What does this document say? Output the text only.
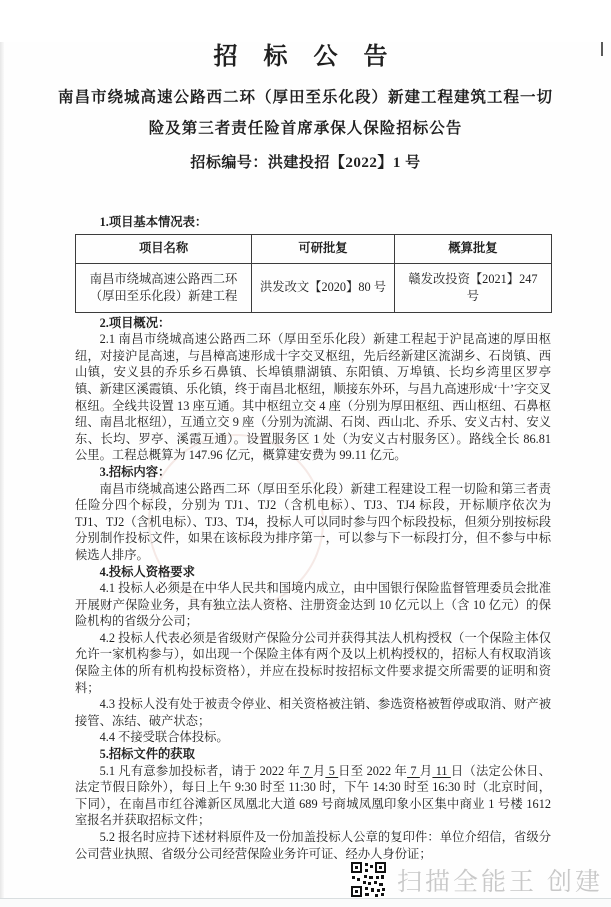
招 标 公 告
南昌市绕城高速公路西二环（厚田至乐化段）新建工程建筑工程一切
险及第三者责任险首席承保人保险招标公告
招标编号：洪建投招【2022】1 号

1.项目基本情况表：

项目名称	可研批复	概算批复
南昌市绕城高速公路西二环（厚田至乐化段）新建工程	洪发改文【2020】80 号	赣发改投资【2021】247 号

2.项目概况：

2.1 南昌市绕城高速公路西二环（厚田至乐化段）新建工程起于沪昆高速的厚田枢纽，对接沪昆高速，与昌樟高速形成十字交叉枢纽，先后经新建区流湖乡、石岗镇、西山镇，安义县的乔乐乡石鼻镇、长埠镇鼎湖镇、东阳镇、万埠镇、长均乡湾里区罗亭镇、新建区溪霞镇、乐化镇，终于南昌北枢纽，顺接东外环，与昌九高速形成‘十’字交叉枢纽。全线共设置 13 座互通。其中枢纽立交 4 座（分别为厚田枢纽、西山枢纽、石鼻枢纽、南昌北枢纽），互通立交 9 座（分别为流湖、石岗、西山北、乔乐、安义古村、安义东、长均、罗亭、溪霞互通）。设置服务区 1 处（为安义古村服务区）。路线全长 86.81 公里。工程总概算为 147.96 亿元，概算建安费为 99.11 亿元。

3.招标内容：

南昌市绕城高速公路西二环（厚田至乐化段）新建工程建设工程一切险和第三者责任险分四个标段，分别为 TJ1、TJ2（含机电标）、TJ3、TJ4 标段，开标顺序依次为 TJ1、TJ2（含机电标）、TJ3、TJ4，投标人可以同时参与四个标段投标，但须分别按标段分别制作投标文件，如果在该标段为排序第一，可以参与下一标段打分，但不参与中标候选人排序。

4.投标人资格要求

4.1 投标人必须是在中华人民共和国境内成立，由中国银行保险监督管理委员会批准开展财产保险业务，具有独立法人资格、注册资金达到 10 亿元以上（含 10 亿元）的保险机构的省级分公司；

4.2 投标人代表必须是省级财产保险分公司并获得其法人机构授权（一个保险主体仅允许一家机构参与），如出现一个保险主体有两个及以上机构授权的，招标人有权取消该保险主体的所有机构投标资格），并应在投标时按招标文件要求提交所需要的证明和资料；

4.3 投标人没有处于被责令停业、相关资格被注销、参选资格被暂停或取消、财产被接管、冻结、破产状态；

4.4 不接受联合体投标。

5.招标文件的获取

5.1 凡有意参加投标者，请于 2022 年 7 月 5 日至 2022 年 7 月 11 日（法定公休日、法定节假日除外），每日上午 9:30 时至 11:30 时，下午 14:30 时至 16:30 时（北京时间，下同），在南昌市红谷滩新区凤凰北大道 689 号商城凤凰印象小区集中商业 1 号楼 1612 室报名并获取招标文件；

5.2 报名时应持下述材料原件及一份加盖投标人公章的复印件：单位介绍信，省级分公司营业执照、省级分公司经营保险业务许可证、经办人身份证；

扫描全能王 创建
